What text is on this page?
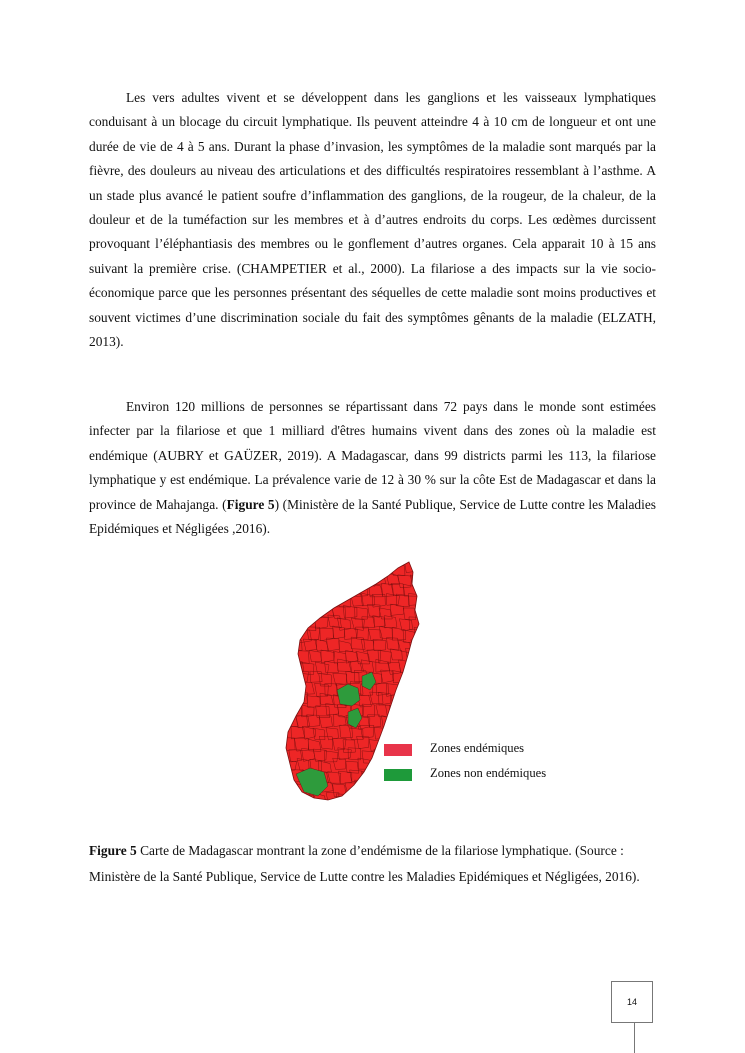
Les vers adultes vivent et se développent dans les ganglions et les vaisseaux lymphatiques conduisant à un blocage du circuit lymphatique. Ils peuvent atteindre 4 à 10 cm de longueur et ont une durée de vie de 4 à 5 ans. Durant la phase d’invasion, les symptômes de la maladie sont marqués par la fièvre, des douleurs au niveau des articulations et des difficultés respiratoires ressemblant à l’asthme. A un stade plus avancé le patient soufre d’inflammation des ganglions, de la rougeur, de la chaleur, de la douleur et de la tuméfaction sur les membres et à d’autres endroits du corps. Les œdèmes durcissent provoquant l’éléphantiasis des membres ou le gonflement d’autres organes. Cela apparait 10 à 15 ans suivant la première crise. (CHAMPETIER et al., 2000). La filariose a des impacts sur la vie socio-économique parce que les personnes présentant des séquelles de cette maladie sont moins productives et souvent victimes d’une discrimination sociale du fait des symptômes gênants de la maladie (ELZATH, 2013).

Environ 120 millions de personnes se répartissant dans 72 pays dans le monde sont estimées infecter par la filariose et que 1 milliard d'êtres humains vivent dans des zones où la maladie est endémique (AUBRY et GAÜZER, 2019). A Madagascar, dans 99 districts parmi les 113, la filariose lymphatique y est endémique. La prévalence varie de 12 à 30 % sur la côte Est de Madagascar et dans la province de Mahajanga. (Figure 5) (Ministère de la Santé Publique, Service de Lutte contre les Maladies Epidémiques et Négligées ,2016).

Zones endémiques
Zones non endémiques

Figure 5 Carte de Madagascar montrant la zone d’endémisme de la filariose lymphatique. (Source : Ministère de la Santé Publique, Service de Lutte contre les Maladies Epidémiques et Négligées, 2016).

14
